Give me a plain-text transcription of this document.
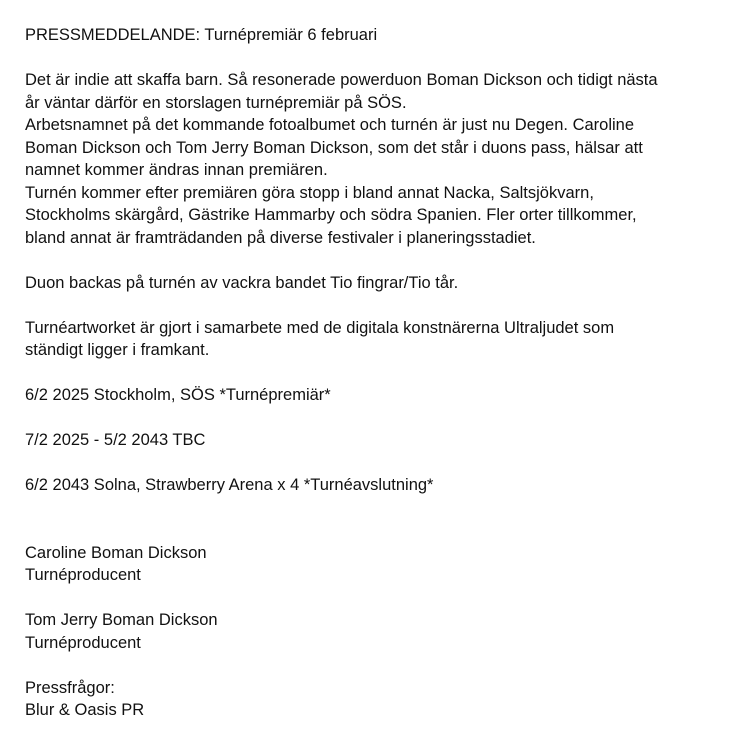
PRESSMEDDELANDE: Turnépremiär 6 februari
Det är indie att skaffa barn. Så resonerade powerduon Boman Dickson och tidigt nästa
år väntar därför en storslagen turnépremiär på SÖS.
Arbetsnamnet på det kommande fotoalbumet och turnén är just nu Degen. Caroline
Boman Dickson och Tom Jerry Boman Dickson, som det står i duons pass, hälsar att
namnet kommer ändras innan premiären.
Turnén kommer efter premiären göra stopp i bland annat Nacka, Saltsjökvarn,
Stockholms skärgård, Gästrike Hammarby och södra Spanien. Fler orter tillkommer,
bland annat är framträdanden på diverse festivaler i planeringsstadiet.
Duon backas på turnén av vackra bandet Tio fingrar/Tio tår.
Turnéartworket är gjort i samarbete med de digitala konstnärerna Ultraljudet som
ständigt ligger i framkant.
6/2 2025 Stockholm, SÖS *Turnépremiär*
7/2 2025 - 5/2 2043 TBC
6/2 2043 Solna, Strawberry Arena x 4 *Turnéavslutning*
Caroline Boman Dickson
Turnéproducent
Tom Jerry Boman Dickson
Turnéproducent
Pressfrågor:
Blur & Oasis PR
